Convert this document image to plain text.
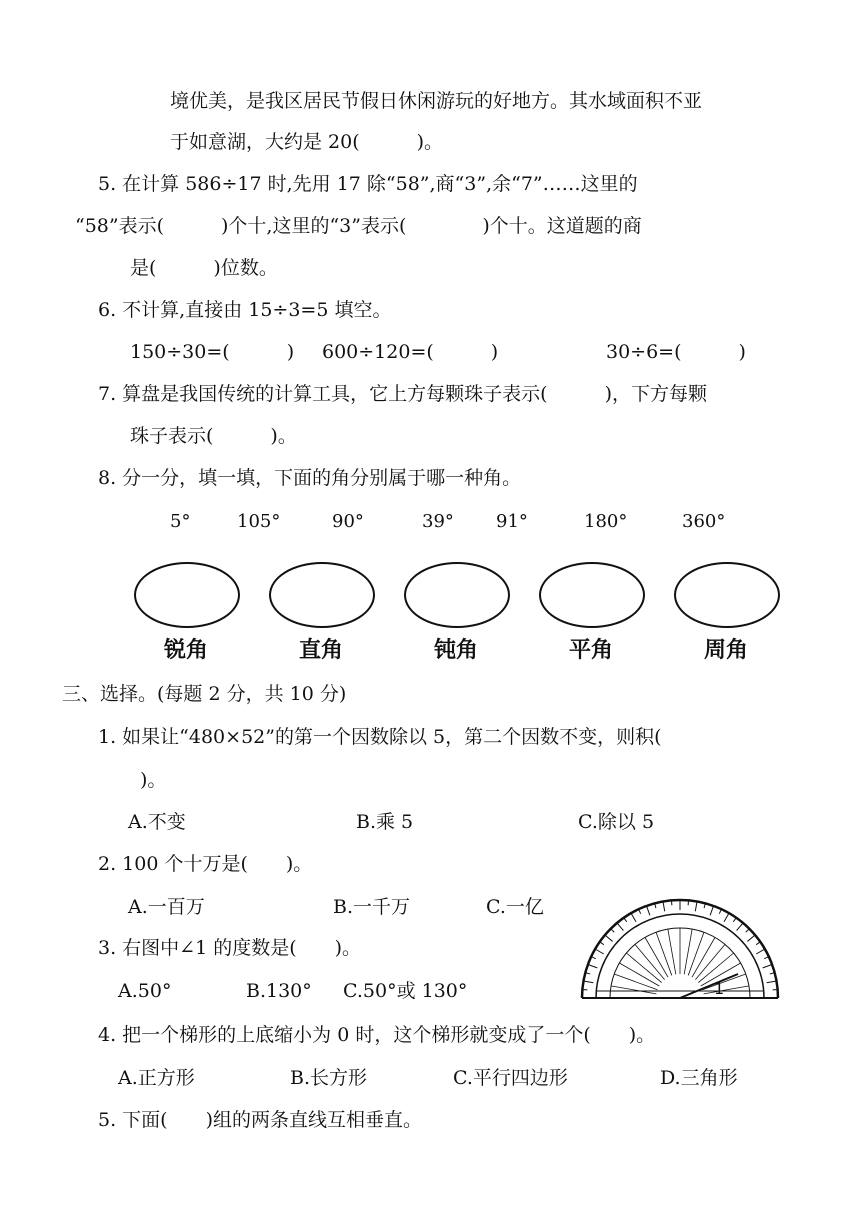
境优美，是我区居民节假日休闲游玩的好地方。其水域面积不亚
于如意湖，大约是 20(　　　)。
5. 在计算 586÷17 时,先用 17 除“58”,商“3”,余“7”……这里的
“58”表示(　　　)个十,这里的“3”表示(　　　　)个十。这道题的商
是(　　　)位数。
6. 不计算,直接由 15÷3=5 填空。
150÷30=(　　　) 600÷120=(　　　)	30÷6=(　　　)
7. 算盘是我国传统的计算工具，它上方每颗珠子表示(　　　)，下方每颗
珠子表示(　　　)。
8. 分一分，填一填，下面的角分别属于哪一种角。
5°	105°	90°	39° 91°	180°	360°
锐角	直角	钝角	平角	周角
三、选择。(每题 2 分，共 10 分)
1. 如果让“480×52”的第一个因数除以 5，第二个因数不变，则积(
)。
A.不变	B.乘 5	C.除以 5
2. 100 个十万是(　　)。
A.一百万	B.一千万	C.一亿
3. 右图中∠1 的度数是(　　)。
A.50°	B.130° C.50°或 130°	1
4. 把一个梯形的上底缩小为 0 时，这个梯形就变成了一个(　　)。
A.正方形	B.长方形	C.平行四边形	D.三角形
5. 下面(　　)组的两条直线互相垂直。
